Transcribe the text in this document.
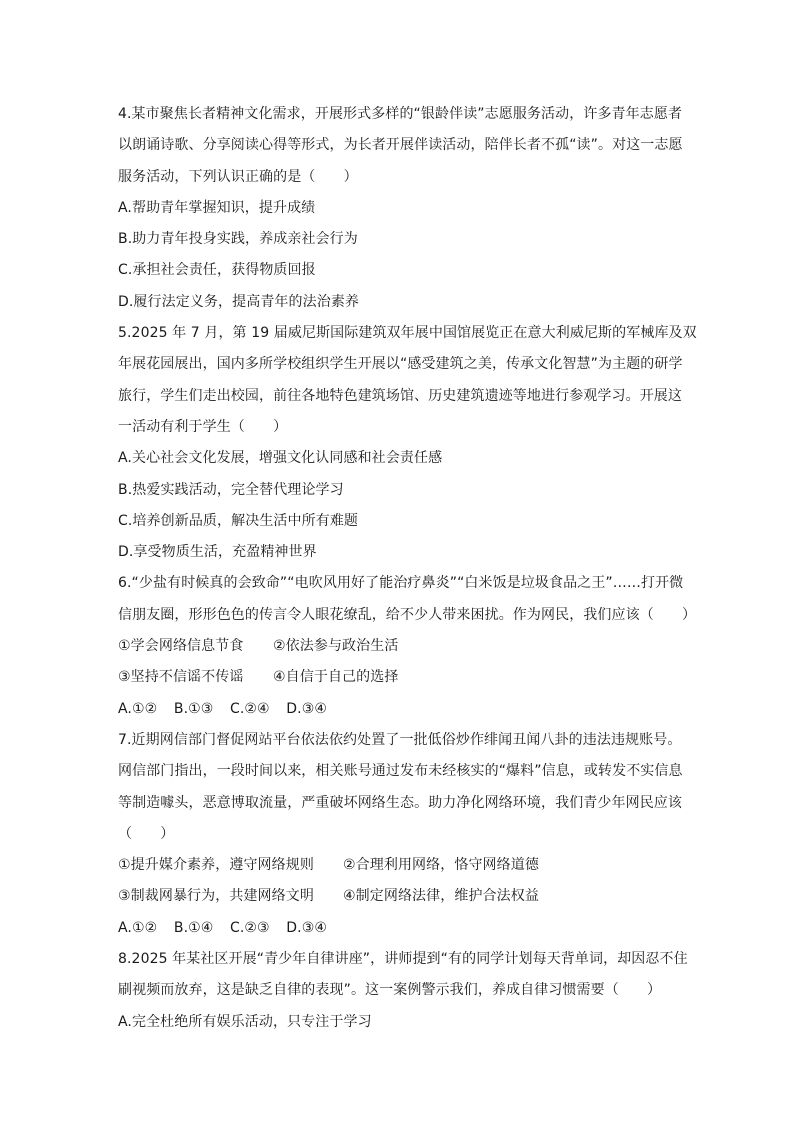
4.某市聚焦长者精神文化需求，开展形式多样的“银龄伴读”志愿服务活动，许多青年志愿者
以朗诵诗歌、分享阅读心得等形式，为长者开展伴读活动，陪伴长者不孤“读”。对这一志愿
服务活动，下列认识正确的是（　　）
A.帮助青年掌握知识，提升成绩
B.助力青年投身实践，养成亲社会行为
C.承担社会责任，获得物质回报
D.履行法定义务，提高青年的法治素养
5.2025 年 7 月，第 19 届威尼斯国际建筑双年展中国馆展览正在意大利威尼斯的军械库及双
年展花园展出，国内多所学校组织学生开展以“感受建筑之美，传承文化智慧”为主题的研学
旅行，学生们走出校园，前往各地特色建筑场馆、历史建筑遗迹等地进行参观学习。开展这
一活动有利于学生（　　）
A.关心社会文化发展，增强文化认同感和社会责任感
B.热爱实践活动，完全替代理论学习
C.培养创新品质，解决生活中所有难题
D.享受物质生活，充盈精神世界
6.“少盐有时候真的会致命”“电吹风用好了能治疗鼻炎”“白米饭是垃圾食品之王”……打开微
信朋友圈，形形色色的传言令人眼花缭乱，给不少人带来困扰。作为网民，我们应该（　　）
①学会网络信息节食	②依法参与政治生活
③坚持不信谣不传谣	④自信于自己的选择
A.①② B.①③ C.②④ D.③④
7.近期网信部门督促网站平台依法依约处置了一批低俗炒作绯闻丑闻八卦的违法违规账号。
网信部门指出，一段时间以来，相关账号通过发布未经核实的“爆料”信息，或转发不实信息
等制造噱头，恶意博取流量，严重破坏网络生态。助力净化网络环境，我们青少年网民应该
（　　）
①提升媒介素养，遵守网络规则	②合理利用网络，恪守网络道德
③制裁网暴行为，共建网络文明	④制定网络法律，维护合法权益
A.①② B.①④ C.②③ D.③④
8.2025 年某社区开展“青少年自律讲座”，讲师提到“有的同学计划每天背单词，却因忍不住
刷视频而放弃，这是缺乏自律的表现”。这一案例警示我们，养成自律习惯需要（　　）
A.完全杜绝所有娱乐活动，只专注于学习
